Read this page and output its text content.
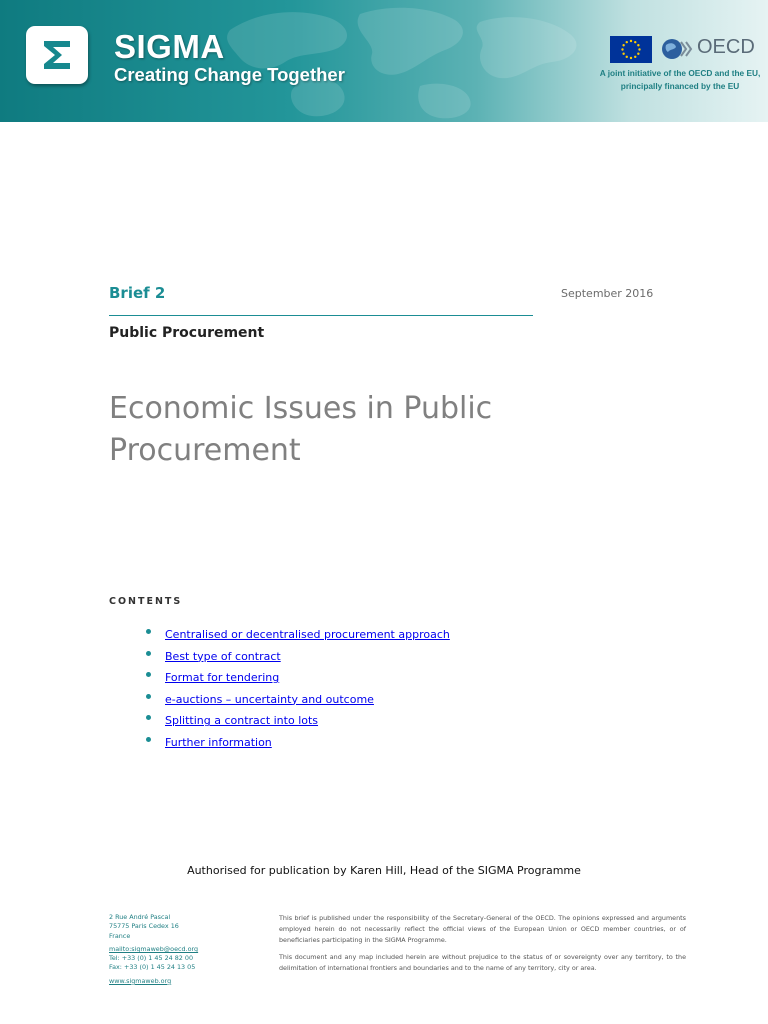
SIGMA
Creating Change Together
OECD
A joint initiative of the OECD and the EU,
principally financed by the EU
Brief 2	September 2016
Public Procurement
Economic Issues in Public Procurement
CONTENTS
Centralised or decentralised procurement approach
Best type of contract
Format for tendering
e-auctions – uncertainty and outcome
Splitting a contract into lots
Further information
Authorised for publication by Karen Hill, Head of the SIGMA Programme
2 Rue André Pascal
75775 Paris Cedex 16
France
mailto:sigmaweb@oecd.org
Tel: +33 (0) 1 45 24 82 00
Fax: +33 (0) 1 45 24 13 05
www.sigmaweb.org

This brief is published under the responsibility of the Secretary-General of the OECD. The opinions expressed and arguments employed herein do not necessarily reflect the official views of the European Union or OECD member countries, or of beneficiaries participating in the SIGMA Programme.

This document and any map included herein are without prejudice to the status of or sovereignty over any territory, to the delimitation of international frontiers and boundaries and to the name of any territory, city or area.
